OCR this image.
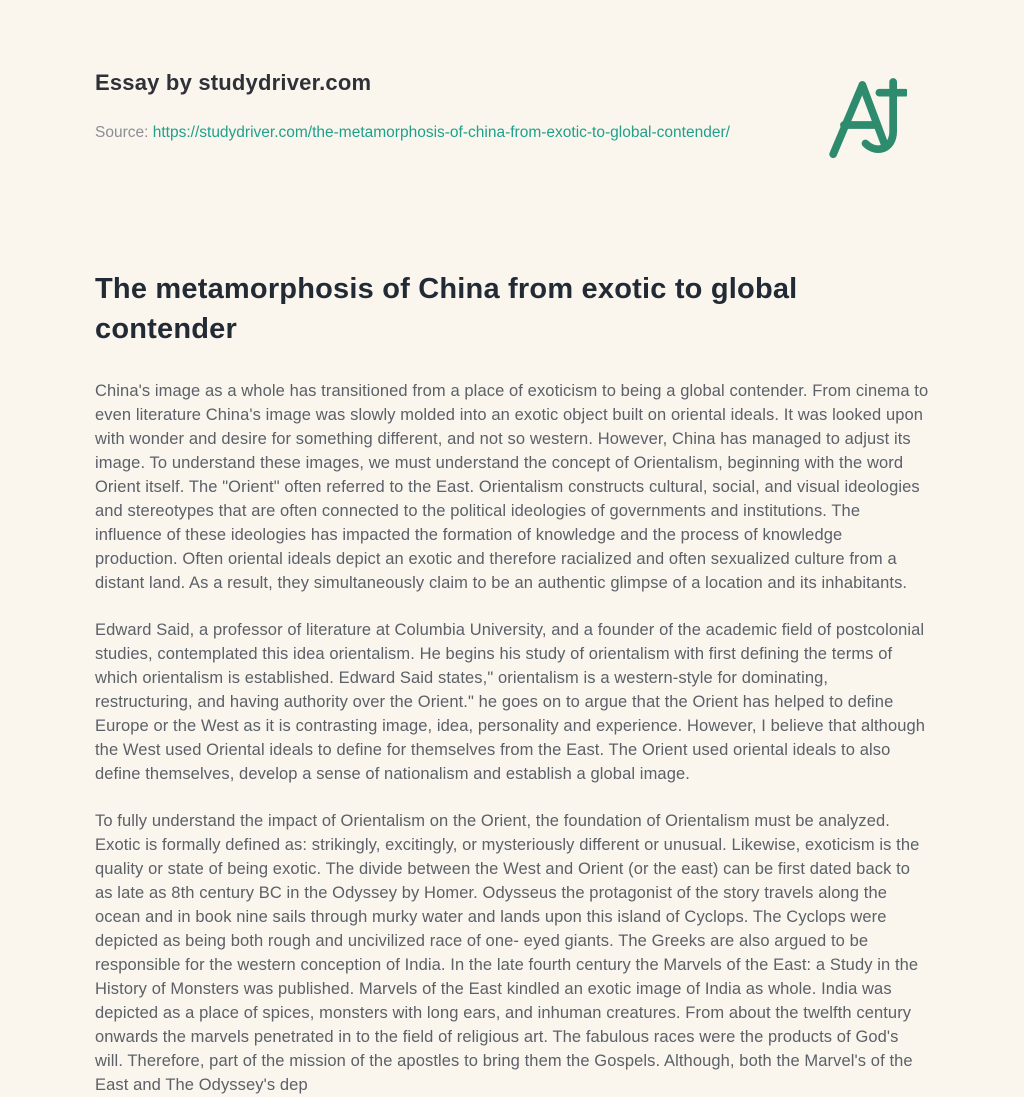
Essay by studydriver.com
Source: https://studydriver.com/the-metamorphosis-of-china-from-exotic-to-global-contender/
The metamorphosis of China from exotic to global contender

China's image as a whole has transitioned from a place of exoticism to being a global contender. From cinema to even literature China's image was slowly molded into an exotic object built on oriental ideals. It was looked upon with wonder and desire for something different, and not so western. However, China has managed to adjust its image. To understand these images, we must understand the concept of Orientalism, beginning with the word Orient itself. The "Orient" often referred to the East. Orientalism constructs cultural, social, and visual ideologies and stereotypes that are often connected to the political ideologies of governments and institutions. The influence of these ideologies has impacted the formation of knowledge and the process of knowledge production. Often oriental ideals depict an exotic and therefore racialized and often sexualized culture from a distant land. As a result, they simultaneously claim to be an authentic glimpse of a location and its inhabitants.

Edward Said, a professor of literature at Columbia University, and a founder of the academic field of postcolonial studies, contemplated this idea orientalism. He begins his study of orientalism with first defining the terms of which orientalism is established. Edward Said states," orientalism is a western-style for dominating, restructuring, and having authority over the Orient." he goes on to argue that the Orient has helped to define Europe or the West as it is contrasting image, idea, personality and experience. However, I believe that although the West used Oriental ideals to define for themselves from the East. The Orient used oriental ideals to also define themselves, develop a sense of nationalism and establish a global image.

To fully understand the impact of Orientalism on the Orient, the foundation of Orientalism must be analyzed. Exotic is formally defined as: strikingly, excitingly, or mysteriously different or unusual. Likewise, exoticism is the quality or state of being exotic. The divide between the West and Orient (or the east) can be first dated back to as late as 8th century BC in the Odyssey by Homer. Odysseus the protagonist of the story travels along the ocean and in book nine sails through murky water and lands upon this island of Cyclops. The Cyclops were depicted as being both rough and uncivilized race of one- eyed giants. The Greeks are also argued to be responsible for the western conception of India. In the late fourth century the Marvels of the East: a Study in the History of Monsters was published. Marvels of the East kindled an exotic image of India as whole. India was depicted as a place of spices, monsters with long ears, and inhuman creatures. From about the twelfth century onwards the marvels penetrated in to the field of religious art. The fabulous races were the products of God's will. Therefore, part of the mission of the apostles to bring them the Gospels. Although, both the Marvel's of the East and The Odyssey's dep
